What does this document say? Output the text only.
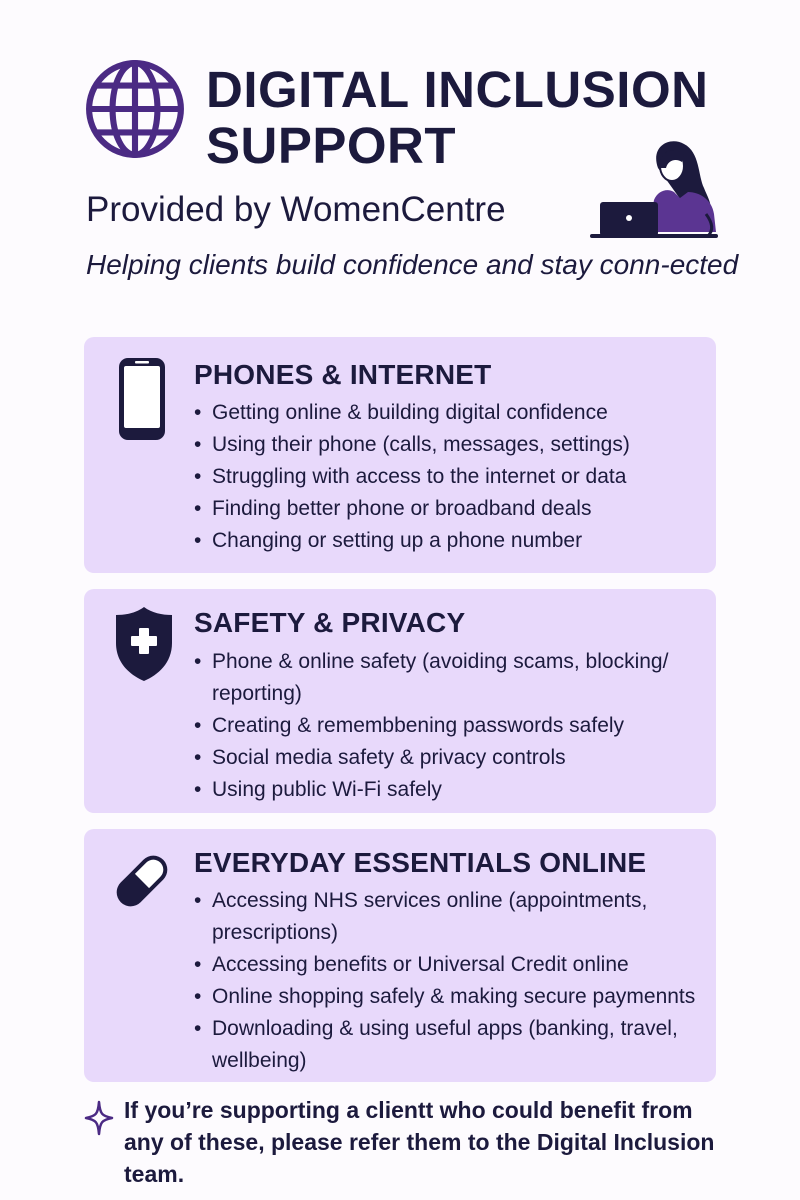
DIGITAL INCLUSION
SUPPORT
Provided by WomenCentre
Helping clients build confidence and stay conn-ected
PHONES & INTERNET
• Getting online & building digital confidence
• Using their phone (calls, messages, settings)
• Struggling with access to the internet or data
• Finding better phone or broadband deals
• Changing or setting up a phone number
SAFETY & PRIVACY
• Phone & online safety (avoiding scams, blocking/ reporting)
• Creating & remembbening passwords safely
• Social media safety & privacy controls
• Using public Wi-Fi safely
EVERYDAY ESSENTIALS ONLINE
• Accessing NHS services online (appointments, prescriptions)
• Accessing benefits or Universal Credit online
• Online shopping safely & making secure paymennts
• Downloading & using useful apps (banking, travel, wellbeing)
If you’re supporting a clientt who could benefit from any of these, please refer them to the Digital Inclusion team.
